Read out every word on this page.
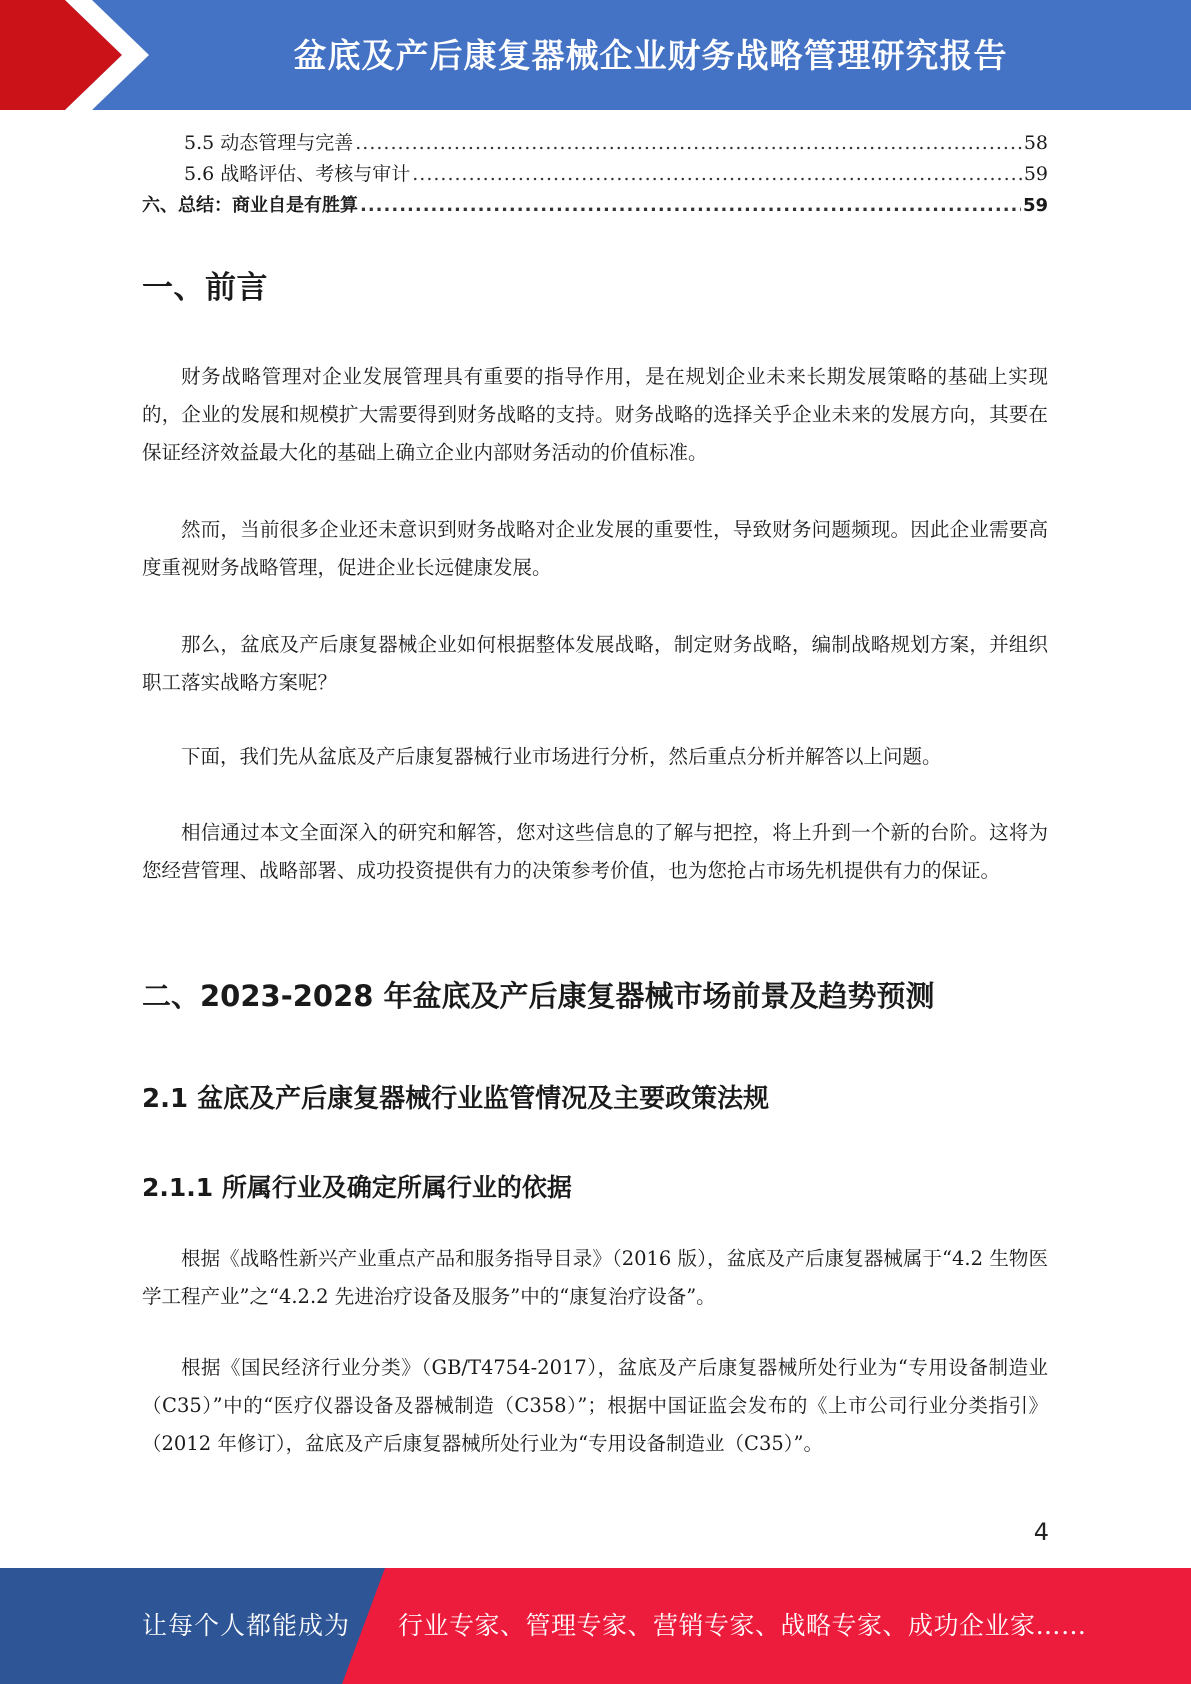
盆底及产后康复器械企业财务战略管理研究报告
5.5 动态管理与完善 .....	58
5.6 战略评估、考核与审计 .....	59
六、总结：商业自是有胜算 .....	59
一、前言

财务战略管理对企业发展管理具有重要的指导作用，是在规划企业未来长期发展策略的基础上实现的，企业的发展和规模扩大需要得到财务战略的支持。财务战略的选择关乎企业未来的发展方向，其要在保证经济效益最大化的基础上确立企业内部财务活动的价值标准。

然而，当前很多企业还未意识到财务战略对企业发展的重要性，导致财务问题频现。因此企业需要高度重视财务战略管理，促进企业长远健康发展。

那么，盆底及产后康复器械企业如何根据整体发展战略，制定财务战略，编制战略规划方案，并组织职工落实战略方案呢？

下面，我们先从盆底及产后康复器械行业市场进行分析，然后重点分析并解答以上问题。

相信通过本文全面深入的研究和解答，您对这些信息的了解与把控，将上升到一个新的台阶。这将为您经营管理、战略部署、成功投资提供有力的决策参考价值，也为您抢占市场先机提供有力的保证。

二、2023-2028 年盆底及产后康复器械市场前景及趋势预测
2.1 盆底及产后康复器械行业监管情况及主要政策法规
2.1.1 所属行业及确定所属行业的依据

根据《战略性新兴产业重点产品和服务指导目录》（2016 版），盆底及产后康复器械属于“4.2 生物医学工程产业”之“4.2.2 先进治疗设备及服务”中的“康复治疗设备”。

根据《国民经济行业分类》（GB/T4754-2017），盆底及产后康复器械所处行业为“专用设备制造业（C35）”中的“医疗仪器设备及器械制造（C358）”；根据中国证监会发布的《上市公司行业分类指引》（2012 年修订），盆底及产后康复器械所处行业为“专用设备制造业（C35）”。

4
让每个人都能成为 行业专家、管理专家、营销专家、战略专家、成功企业家……
